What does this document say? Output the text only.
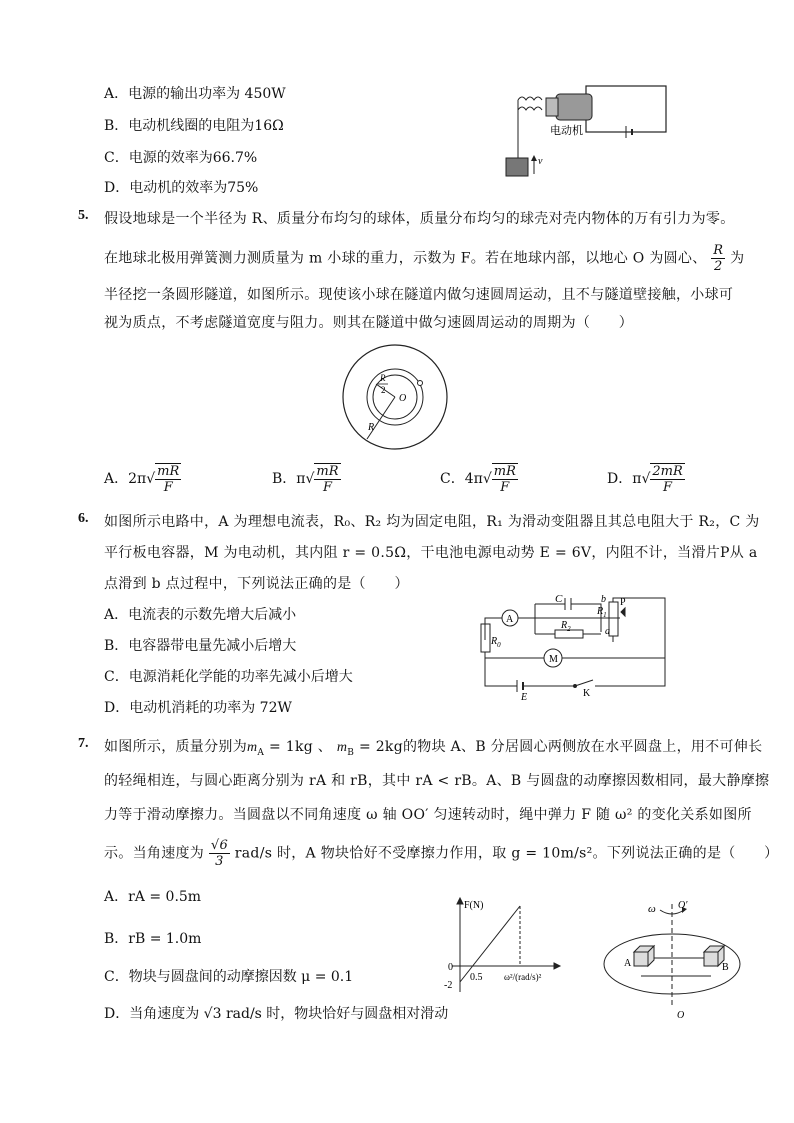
A．电源的输出功率为 450W
B．电动机线圈的电阻为16Ω
C．电源的效率为66.7%
D．电动机的效率为75%
v
电动机
5. 假设地球是一个半径为 R、质量分布均匀的球体，质量分布均匀的球壳对壳内物体的万有引力为零。
在地球北极用弹簧测力测质量为 m 小球的重力，示数为 F。若在地球内部，以地心 O 为圆心、 $\frac{R}{2}$ 为
半径挖一条圆形隧道，如图所示。现使该小球在隧道内做匀速圆周运动，且不与隧道壁接触，小球可
视为质点，不考虑隧道宽度与阻力。则其在隧道中做匀速圆周运动的周期为（　　）
R
2
O
R
A．$2\pi√ \frac{mR}{F}$	B．$\pi√ \frac{mR}{F}$	C．$4\pi√ \frac{mR}{F}$	D．$\pi√ \frac{2mR}{F}$
6. 如图所示电路中，A 为理想电流表，R₀、R₂ 均为固定电阻，R₁ 为滑动变阻器且其总电阻大于 R₂，C 为
平行板电容器，M 为电动机，其内阻 r = 0.5Ω，干电池电源电动势 E = 6V，内阻不计，当滑片P从 a
点滑到 b 点过程中，下列说法正确的是（　　）
A．电流表的示数先增大后减小
B．电容器带电量先减小后增大
C．电源消耗化学能的功率先减小后增大
D．电动机消耗的功率为 72W
A
C	b
$R_1$
P
$R_2$	a
$R_0$
M
E	K
7. 如图所示，质量分别为$m_A = 1kg$ 、 $m_B = 2kg$的物块 A、B 分居圆心两侧放在水平圆盘上，用不可伸长
的轻绳相连，与圆心距离分别为 rA 和 rB，其中 rA < rB。A、B 与圆盘的动摩擦因数相同，最大静摩擦
力等于滑动摩擦力。当圆盘以不同角速度 ω 轴 OO′ 匀速转动时，绳中弹力 F 随 ω² 的变化关系如图所
示。当角速度为 $\frac{√6}{3} rad/s$ 时，A 物块恰好不受摩擦力作用，取 g = 10m/s²。下列说法正确的是（　　）
A．rA = 0.5m
B．rB = 1.0m
C．物块与圆盘间的动摩擦因数 μ = 0.1
D．当角速度为 √3 rad/s 时，物块恰好与圆盘相对滑动
F(N)
0
-2
0.5 ω²/(rad/s)²
ω O′
A	B
O
